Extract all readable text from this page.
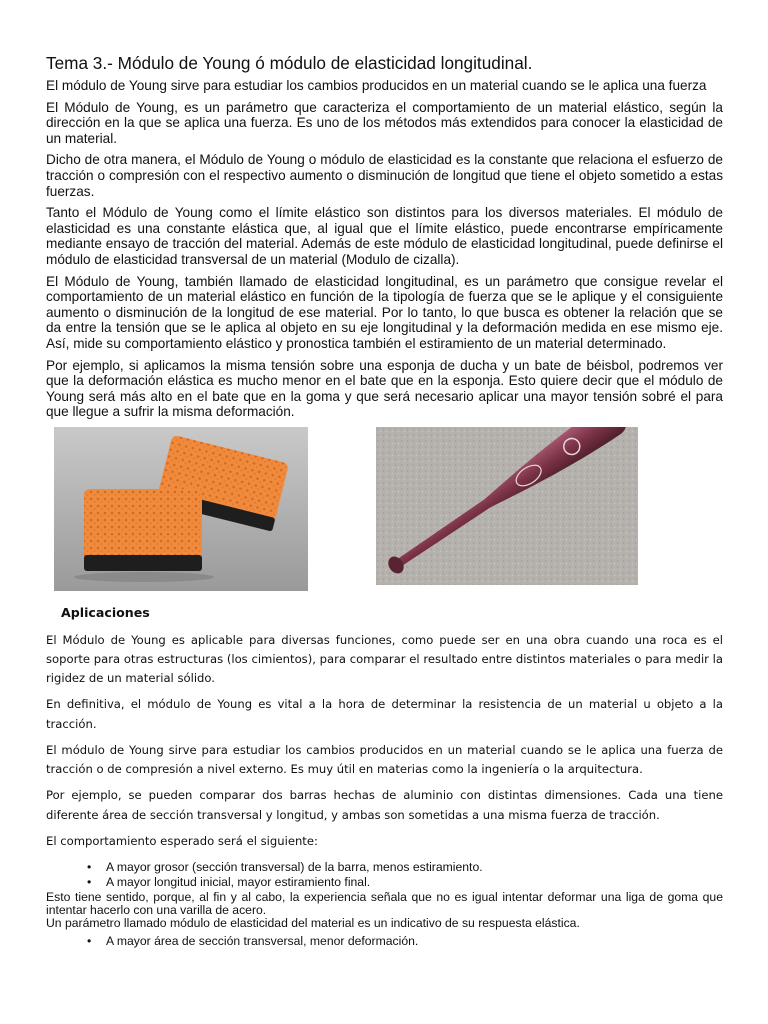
Tema 3.- Módulo de Young ó módulo de elasticidad longitudinal.

El módulo de Young sirve para estudiar los cambios producidos en un material cuando se le aplica una fuerza

El Módulo de Young, es un parámetro que caracteriza el comportamiento de un material elástico, según la dirección en la que se aplica una fuerza. Es uno de los métodos más extendidos para conocer la elasticidad de un material.

Dicho de otra manera, el Módulo de Young o módulo de elasticidad es la constante que relaciona el esfuerzo de tracción o compresión con el respectivo aumento o disminución de longitud que tiene el objeto sometido a estas fuerzas.

Tanto el Módulo de Young como el límite elástico son distintos para los diversos materiales. El módulo de elasticidad es una constante elástica que, al igual que el límite elástico, puede encontrarse empíricamente mediante ensayo de tracción del material. Además de este módulo de elasticidad longitudinal, puede definirse el módulo de elasticidad transversal de un material (Modulo de cizalla).

El Módulo de Young, también llamado de elasticidad longitudinal, es un parámetro que consigue revelar el comportamiento de un material elástico en función de la tipología de fuerza que se le aplique y el consiguiente aumento o disminución de la longitud de ese material. Por lo tanto, lo que busca es obtener la relación que se da entre la tensión que se le aplica al objeto en su eje longitudinal y la deformación medida en ese mismo eje. Así, mide su comportamiento elástico y pronostica también el estiramiento de un material determinado.

Por ejemplo, si aplicamos la misma tensión sobre una esponja de ducha y un bate de béisbol, podremos ver que la deformación elástica es mucho menor en el bate que en la esponja. Esto quiere decir que el módulo de Young será más alto en el bate que en la goma y que será necesario aplicar una mayor tensión sobré el para que llegue a sufrir la misma deformación.

Aplicaciones

El Módulo de Young es aplicable para diversas funciones, como puede ser en una obra cuando una roca es el soporte para otras estructuras (los cimientos), para comparar el resultado entre distintos materiales o para medir la rigidez de un material sólido.

En definitiva, el módulo de Young es vital a la hora de determinar la resistencia de un material u objeto a la tracción.

El módulo de Young sirve para estudiar los cambios producidos en un material cuando se le aplica una fuerza de tracción o de compresión a nivel externo. Es muy útil en materias como la ingeniería o la arquitectura.

Por ejemplo, se pueden comparar dos barras hechas de aluminio con distintas dimensiones. Cada una tiene diferente área de sección transversal y longitud, y ambas son sometidas a una misma fuerza de tracción.

El comportamiento esperado será el siguiente:

• A mayor grosor (sección transversal) de la barra, menos estiramiento.
• A mayor longitud inicial, mayor estiramiento final.

Esto tiene sentido, porque, al fin y al cabo, la experiencia señala que no es igual intentar deformar una liga de goma que intentar hacerlo con una varilla de acero.

Un parámetro llamado módulo de elasticidad del material es un indicativo de su respuesta elástica.

• A mayor área de sección transversal, menor deformación.
